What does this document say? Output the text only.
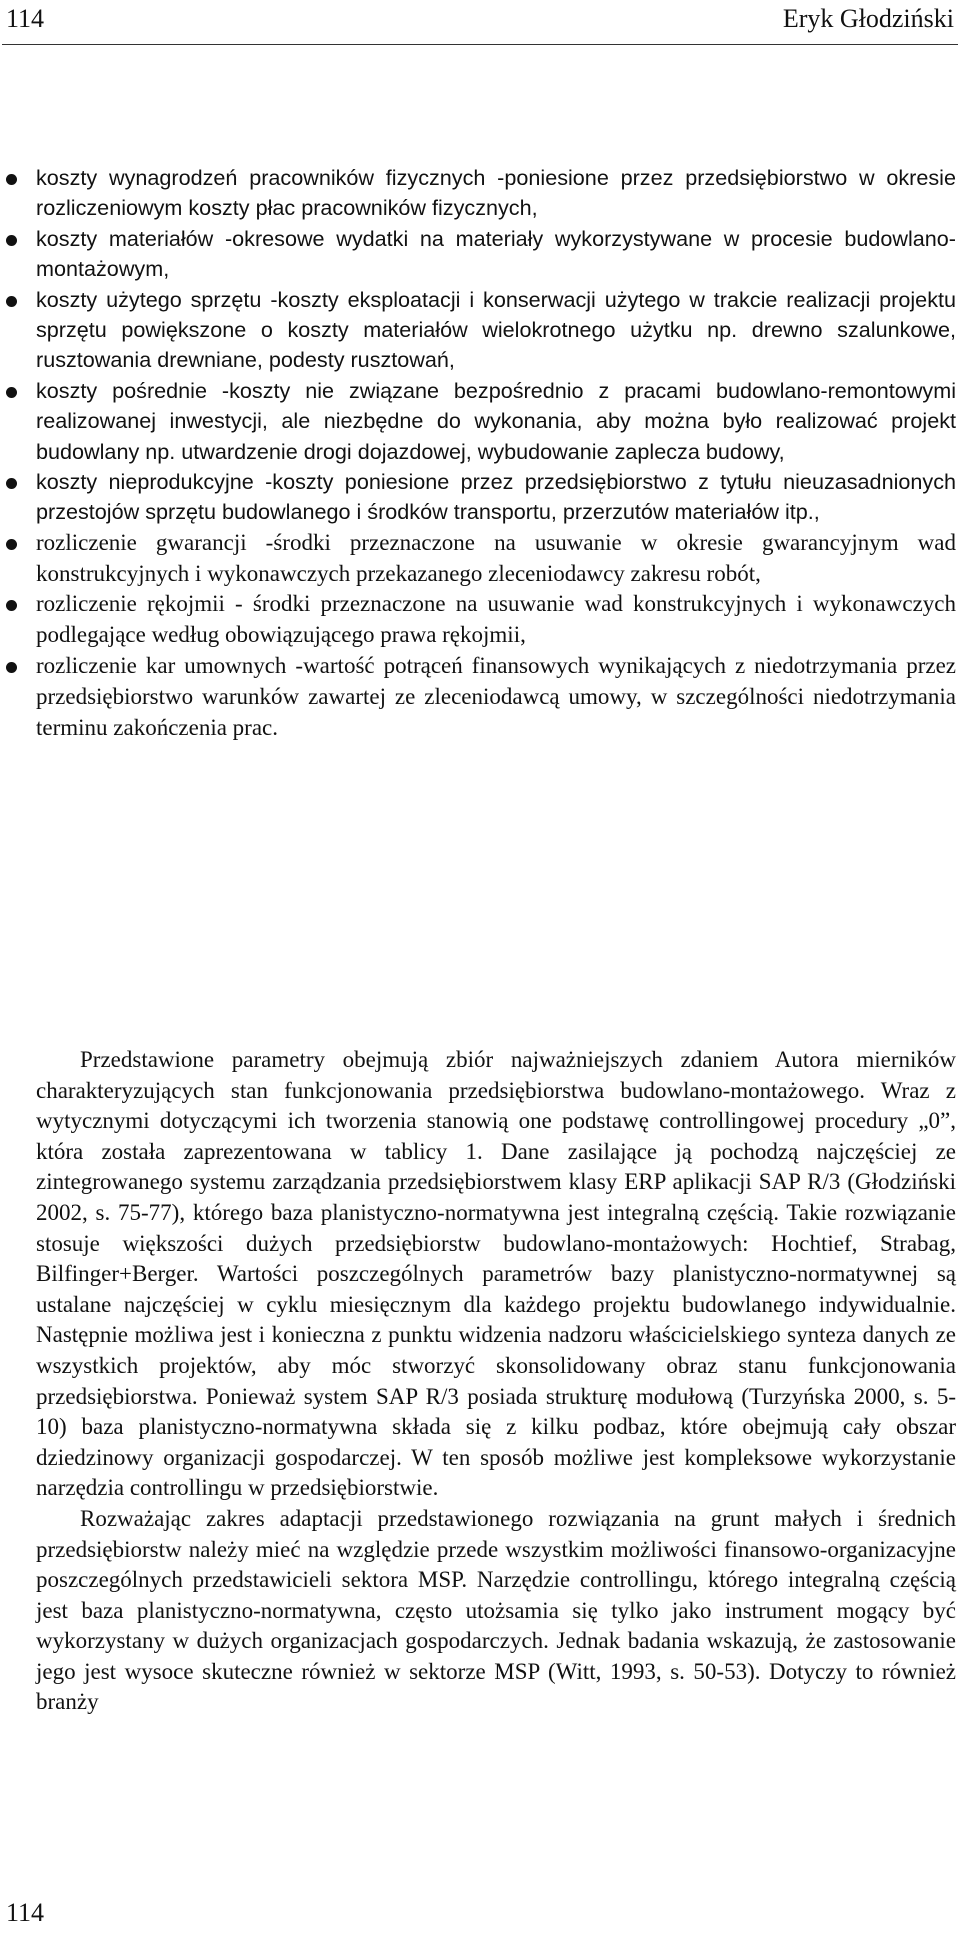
114	Eryk Głodziński
koszty wynagrodzeń pracowników fizycznych -poniesione przez przedsiębiorstwo w okresie rozliczeniowym koszty płac pracowników fizycznych,
koszty materiałów -okresowe wydatki na materiały wykorzystywane w procesie budowlano-montażowym,
koszty użytego sprzętu -koszty eksploatacji i konserwacji użytego w trakcie realizacji projektu sprzętu powiększone o koszty materiałów wielokrotnego użytku np. drewno szalunkowe, rusztowania drewniane, podesty rusztowań,
koszty pośrednie -koszty nie związane bezpośrednio z pracami budowlano-remontowymi realizowanej inwestycji, ale niezbędne do wykonania, aby można było realizować projekt budowlany np. utwardzenie drogi dojazdowej, wybudowanie zaplecza budowy,
koszty nieprodukcyjne -koszty poniesione przez przedsiębiorstwo z tytułu nieuzasadnionych przestojów sprzętu budowlanego i środków transportu, przerzutów materiałów itp.,
rozliczenie gwarancji -środki przeznaczone na usuwanie w okresie gwarancyjnym wad konstrukcyjnych i wykonawczych przekazanego zleceniodawcy zakresu robót,
rozliczenie rękojmii - środki przeznaczone na usuwanie wad konstrukcyjnych i wykonawczych podlegające według obowiązującego prawa rękojmii,
rozliczenie kar umownych -wartość potrąceń finansowych wynikających z niedotrzymania przez przedsiębiorstwo warunków zawartej ze zleceniodawcą umowy, w szczególności niedotrzymania terminu zakończenia prac.

Przedstawione parametry obejmują zbiór najważniejszych zdaniem Autora mierników charakteryzujących stan funkcjonowania przedsiębiorstwa budowlano-montażowego. Wraz z wytycznymi dotyczącymi ich tworzenia stanowią one podstawę controllingowej procedury „0”, która została zaprezentowana w tablicy 1. Dane zasilające ją pochodzą najczęściej ze zintegrowanego systemu zarządzania przedsiębiorstwem klasy ERP aplikacji SAP R/3 (Głodziński 2002, s. 75-77), którego baza planistyczno-normatywna jest integralną częścią. Takie rozwiązanie stosuje większości dużych przedsiębiorstw budowlano-montażowych: Hochtief, Strabag, Bilfinger+Berger. Wartości poszczególnych parametrów bazy planistyczno-normatywnej są ustalane najczęściej w cyklu miesięcznym dla każdego projektu budowlanego indywidualnie. Następnie możliwa jest i konieczna z punktu widzenia nadzoru właścicielskiego synteza danych ze wszystkich projektów, aby móc stworzyć skonsolidowany obraz stanu funkcjonowania przedsiębiorstwa. Ponieważ system SAP R/3 posiada strukturę modułową (Turzyńska 2000, s. 5-10) baza planistyczno-normatywna składa się z kilku podbaz, które obejmują cały obszar dziedzinowy organizacji gospodarczej. W ten sposób możliwe jest kompleksowe wykorzystanie narzędzia controllingu w przedsiębiorstwie.

Rozważając zakres adaptacji przedstawionego rozwiązania na grunt małych i średnich przedsiębiorstw należy mieć na względzie przede wszystkim możliwości finansowo-organizacyjne poszczególnych przedstawicieli sektora MSP. Narzędzie controllingu, którego integralną częścią jest baza planistyczno-normatywna, często utożsamia się tylko jako instrument mogący być wykorzystany w dużych organizacjach gospodarczych. Jednak badania wskazują, że zastosowanie jego jest wysoce skuteczne również w sektorze MSP (Witt, 1993, s. 50-53). Dotyczy to również branży

114
